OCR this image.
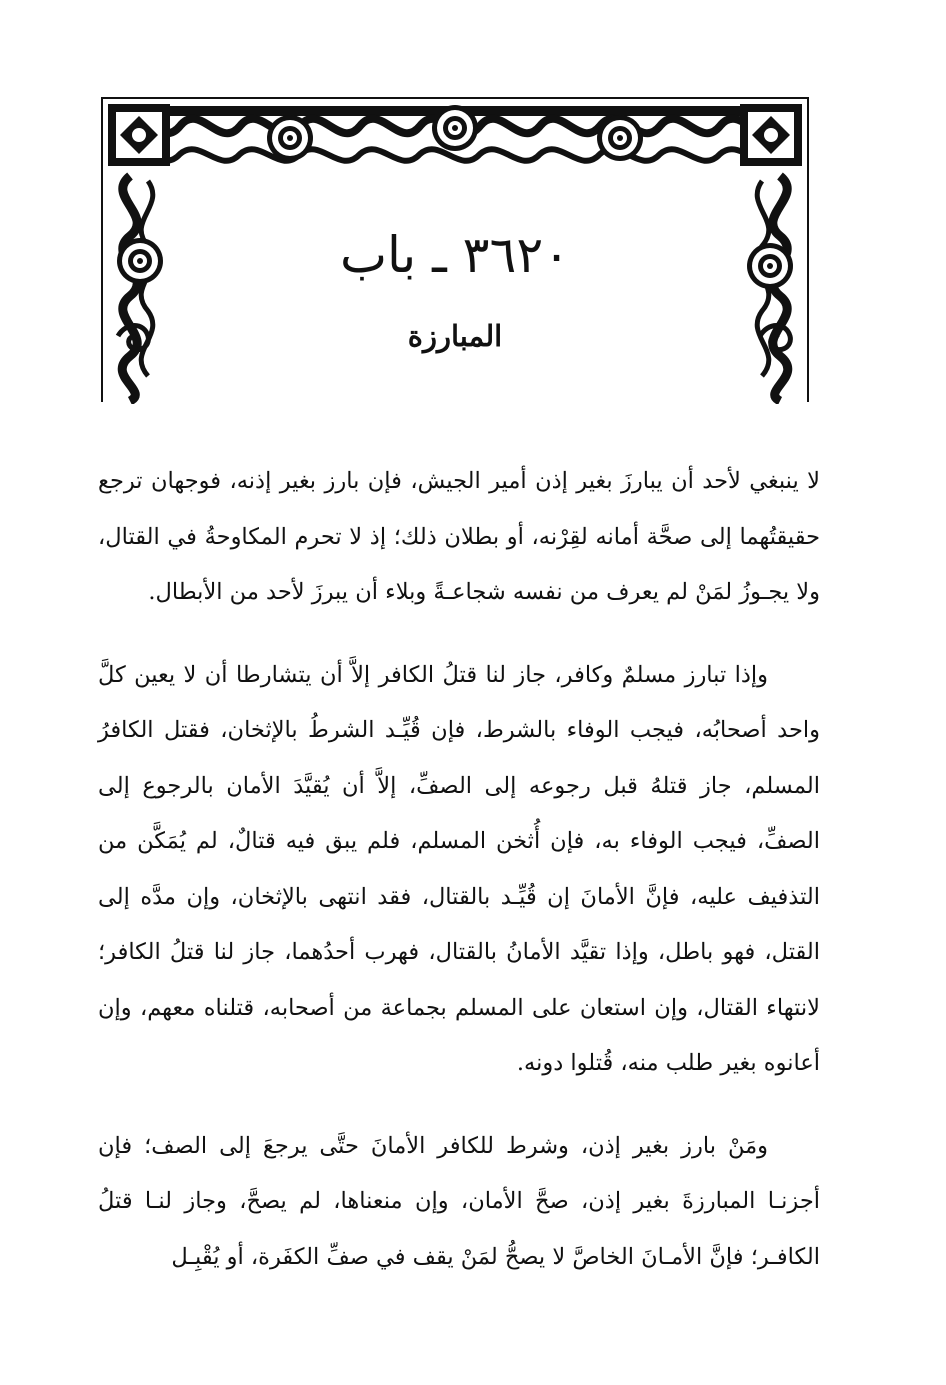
٣٦٢٠ ـ باب
المبارزة

لا ينبغي لأحد أن يبارزَ بغير إذن أمير الجيش، فإن بارز بغير إذنه، فوجهان ترجع حقيقتُهما إلى صحَّة أمانه لقِرْنه، أو بطلان ذلك؛ إذ لا تحرم المكاوحةُ في القتال، ولا يجـوزُ لمَنْ لم يعرف من نفسه شجاعـةً وبلاء أن يبرزَ لأحد من الأبطال.

وإذا تبارز مسلمٌ وكافر، جاز لنا قتلُ الكافر إلاَّ أن يتشارطا أن لا يعين كلَّ واحد أصحابُه، فيجب الوفاء بالشرط، فإن قُيِّـد الشرطُ بالإثخان، فقتل الكافرُ المسلم، جاز قتلهُ قبل رجوعه إلى الصفِّ، إلاَّ أن يُقيَّدَ الأمان بالرجوع إلى الصفِّ، فيجب الوفاء به، فإن أُثخن المسلم، فلم يبق فيه قتالٌ، لم يُمَكَّن من التذفيف عليه، فإنَّ الأمانَ إن قُيِّـد بالقتال، فقد انتهى بالإثخان، وإن مدَّه إلى القتل، فهو باطل، وإذا تقيَّد الأمانُ بالقتال، فهرب أحدُهما، جاز لنا قتلُ الكافر؛ لانتهاء القتال، وإن استعان على المسلم بجماعة من أصحابه، قتلناه معهم، وإن أعانوه بغير طلب منه، قُتلوا دونه.

ومَنْ بارز بغير إذن، وشرط للكافر الأمانَ حتَّى يرجعَ إلى الصف؛ فإن أجزنـا المبارزةَ بغير إذن، صحَّ الأمان، وإن منعناها، لم يصحَّ، وجاز لنـا قتلُ الكافـر؛ فإنَّ الأمـانَ الخاصَّ لا يصحُّ لمَنْ يقف في صفِّ الكفَرة، أو يُقْبِـل
